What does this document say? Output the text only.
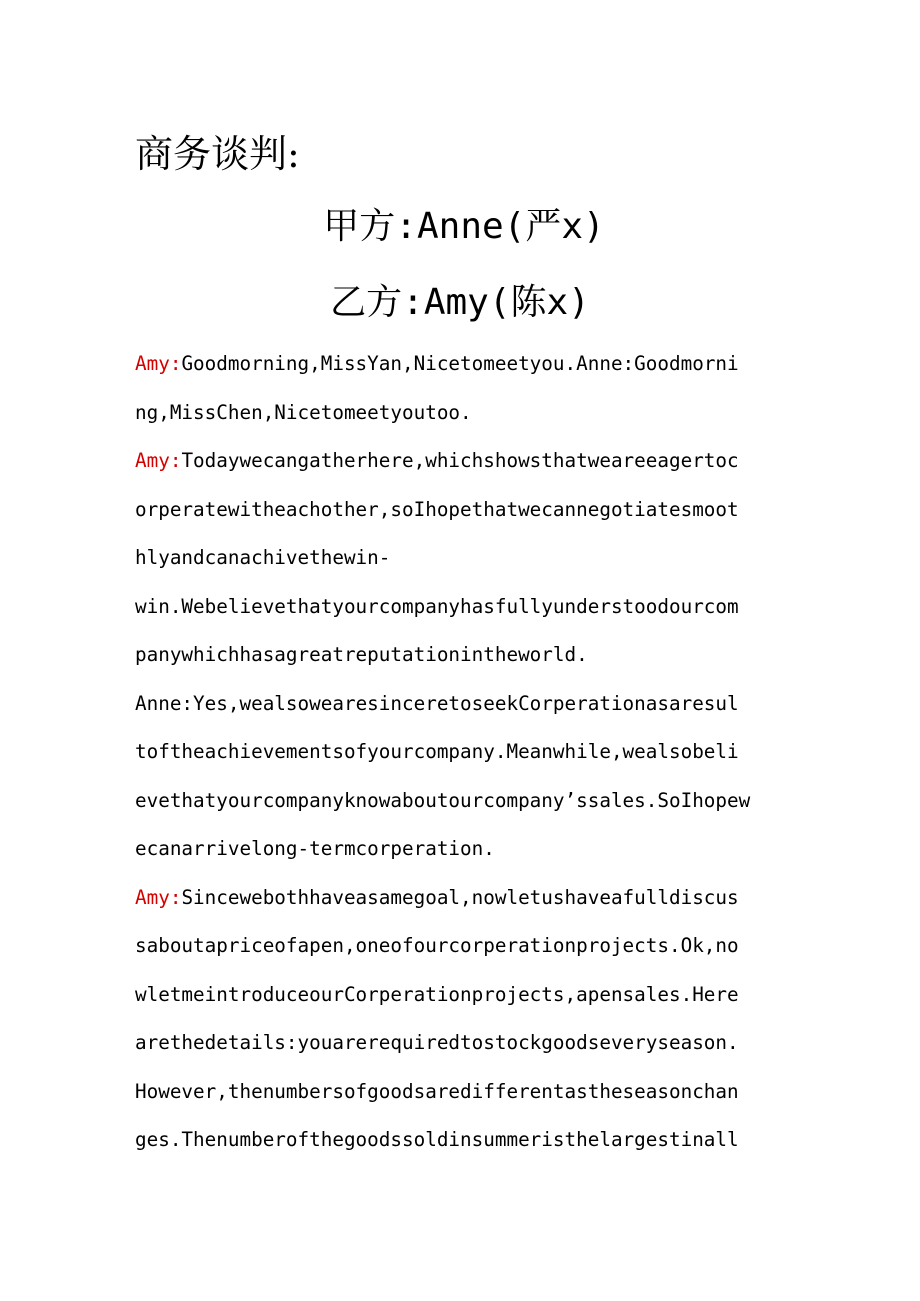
商务谈判:
甲方:Anne(严x)
乙方:Amy(陈x)
Amy:Goodmorning,MissYan,Nicetomeetyou.Anne:Goodmorni
ng,MissChen,Nicetomeetyoutoo.
Amy:Todaywecangatherhere,whichshowsthatweareeagertoc
orperatewitheachother,soIhopethatwecannegotiatesmoot
hlyandcanachivethewin-
win.Webelievethatyourcompanyhasfullyunderstoodourcom
panywhichhasagreatreputationintheworld.
Anne:Yes,wealsowearesinceretoseekCorperationasaresul
toftheachievementsofyourcompany.Meanwhile,wealsobeli
evethatyourcompanyknowaboutourcompany’ssales.SoIhopew
ecanarrivelong-termcorperation.
Amy:Sincewebothhaveasamegoal,nowletushaveafulldiscus
saboutapriceofapen,oneofourcorperationprojects.Ok,no
wletmeintroduceourCorperationprojects,apensales.Here
arethedetails:youarerequiredtostockgoodseveryseason.
However,thenumbersofgoodsaredifferentastheseasonchan
ges.Thenumberofthegoodssoldinsummeristhelargestinall
